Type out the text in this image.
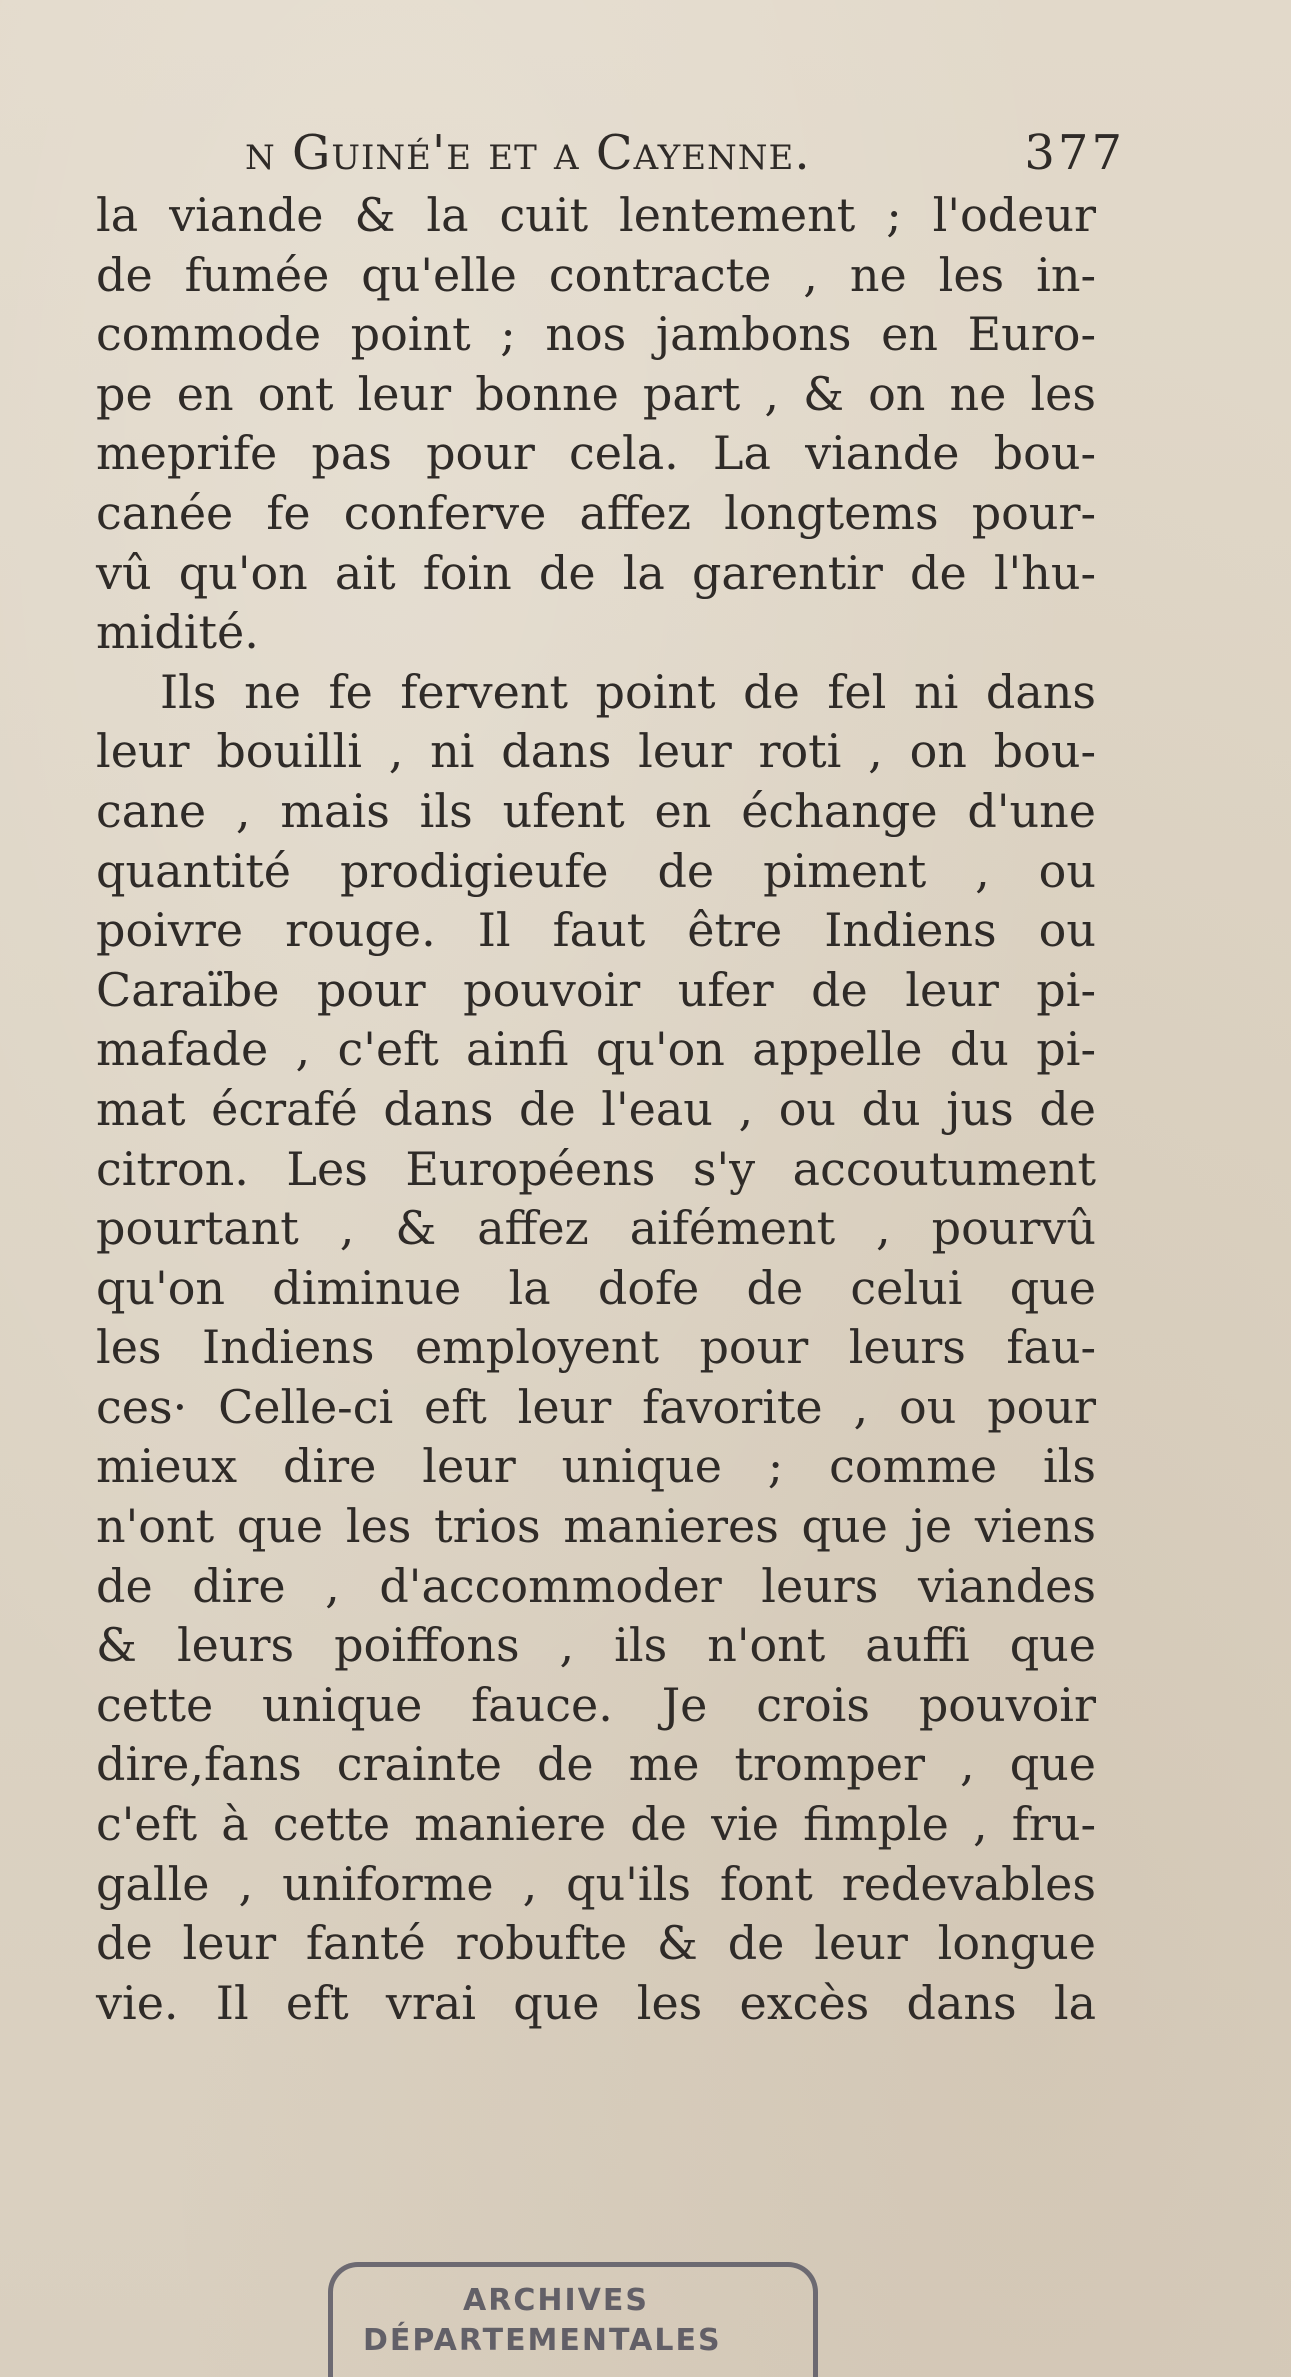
n Guiné'e et a Cayenne.	377
la viande & la cuit lentement ; l'odeur
de fumée qu'elle contracte , ne les in-
commode point ; nos jambons en Euro-
pe en ont leur bonne part , & on ne les
meprife pas pour cela. La viande bou-
canée fe conferve affez longtems pour-
vû qu'on ait foin de la garentir de l'hu-
midité.
Ils ne fe fervent point de fel ni dans
leur bouilli , ni dans leur roti , on bou-
cane , mais ils ufent en échange d'une
quantité prodigieufe de piment , ou
poivre rouge. Il faut être Indiens ou
Caraïbe pour pouvoir ufer de leur pi-
mafade , c'eft ainfi qu'on appelle du pi-
mat écrafé dans de l'eau , ou du jus de
citron. Les Européens s'y accoutument
pourtant , & affez aifément , pourvû
qu'on diminue la dofe de celui que
les Indiens employent pour leurs fau-
ces· Celle-ci eft leur favorite , ou pour
mieux dire leur unique ; comme ils
n'ont que les trios manieres que je viens
de dire , d'accommoder leurs viandes
& leurs poiffons , ils n'ont auffi que
cette unique fauce. Je crois pouvoir
dire,fans crainte de me tromper , que
c'eft à cette maniere de vie fimple , fru-
galle , uniforme , qu'ils font redevables
de leur fanté robufte & de leur longue
vie. Il eft vrai que les excès dans la
ARCHIVES
DÉPARTEMENTALES
